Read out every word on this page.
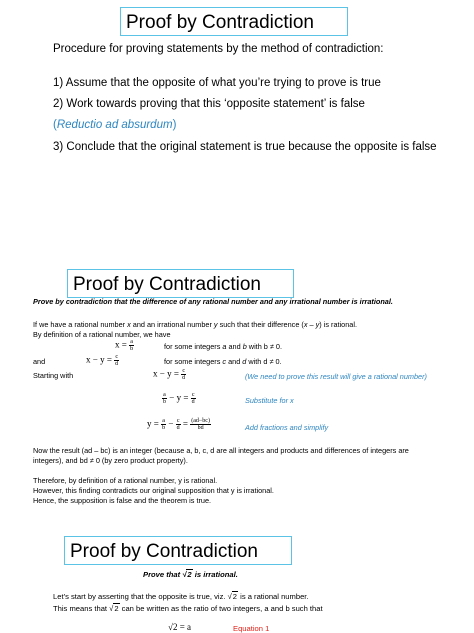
Proof by Contradiction
Procedure for proving statements by the method of contradiction:
1) Assume that the opposite of what you’re trying to prove is true
2) Work towards proving that this ‘opposite statement’ is false
(Reductio ad absurdum)
3) Conclude that the original statement is true because the opposite is false
Proof by Contradiction
Prove by contradiction that the difference of any rational number and any irrational number is irrational.
If we have a rational number x and an irrational number y such that their difference (x – y) is rational.
By definition of a rational number, we have
$x = \frac{a}{b}$	for some integers a and b with b ≠ 0.
and	$x - y = \frac{c}{d}$	for some integers c and d with d ≠ 0.
Starting with	$x - y = \frac{c}{d}$	(We need to prove this result will give a rational number)
$\frac{a}{b} - y = \frac{c}{d}$	Substitute for x
$y = \frac{a}{b} - \frac{c}{d} = \frac{(ad-bc)}{bd}$	Add fractions and simplify
Now the result (ad – bc) is an integer (because a, b, c, d are all integers and products and differences of integers are
integers), and bd ≠ 0 (by zero product property).
Therefore, by definition of a rational number, y is rational.
However, this finding contradicts our original supposition that y is irrational.
Hence, the supposition is false and the theorem is true.
Proof by Contradiction
Prove that √2 is irrational.
Let’s start by asserting that the opposite is true, viz. √2 is a rational number.
This means that √2 can be written as the ratio of two integers, a and b such that
√2 = a	Equation 1
